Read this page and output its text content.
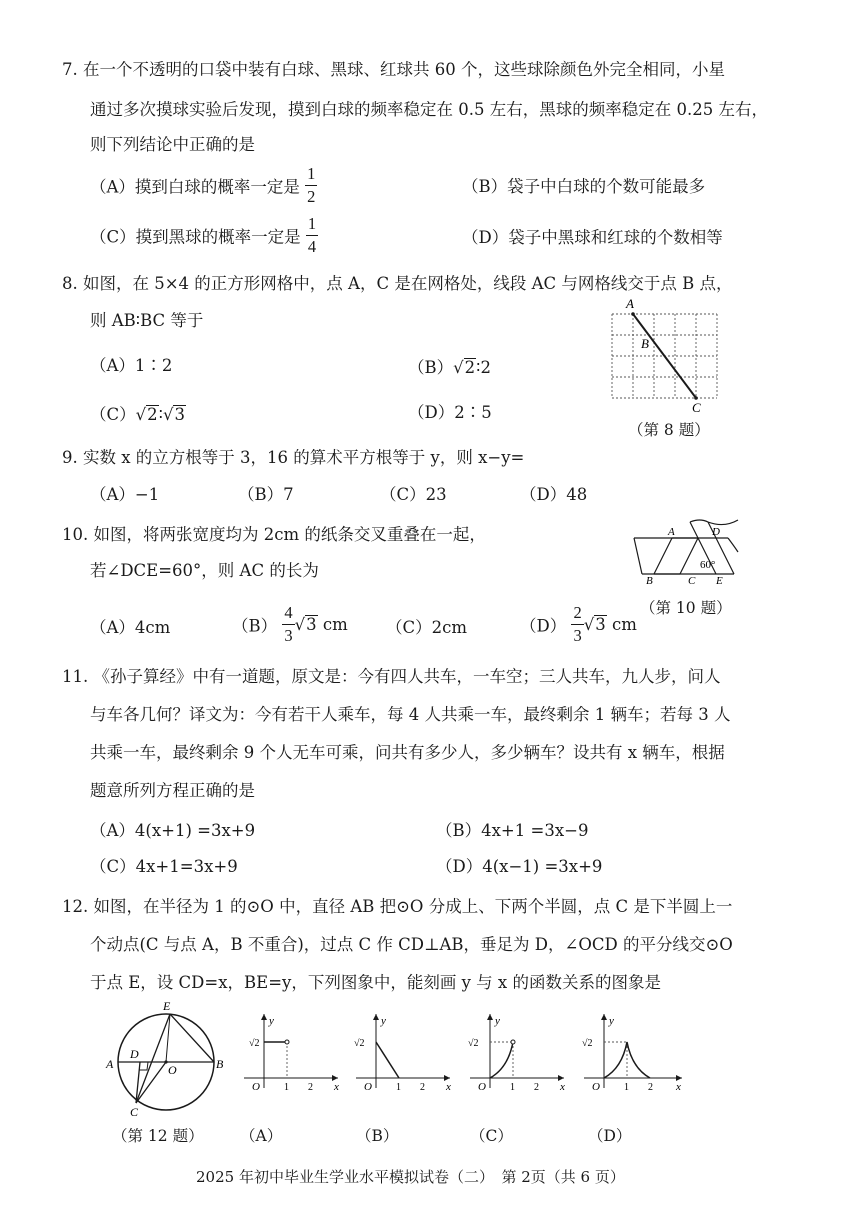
7. 在一个不透明的口袋中装有白球、黑球、红球共 60 个，这些球除颜色外完全相同，小星
通过多次摸球实验后发现，摸到白球的频率稳定在 0.5 左右，黑球的频率稳定在 0.25 左右，
则下列结论中正确的是
（A）摸到白球的概率一定是 $\frac{1}{2}$	（B）袋子中白球的个数可能最多
（C）摸到黑球的概率一定是 $\frac{1}{4}$	（D）袋子中黑球和红球的个数相等
8. 如图，在 5×4 的正方形网格中，点 A，C 是在网格处，线段 AC 与网格线交于点 B 点，
则 AB∶BC 等于
（A）1∶2	（B）√2∶2
（C）√2∶√3	（D）2∶5
A
B
C
（第 8 题）
9. 实数 x 的立方根等于 3，16 的算术平方根等于 y，则 x−y=
（A）−1	（B）7	（C）23	（D）48
10. 如图，将两张宽度均为 2cm 的纸条交叉重叠在一起，
若∠DCE=60°，则 AC 的长为
A	D
B	C E
60°
（第 10 题）
（A）4cm	$(B) \frac{4}{3} √3$ cm （C）2cm	$(D) \frac{2}{3} √3$ cm
11. 《孙子算经》中有一道题，原文是：今有四人共车，一车空；三人共车，九人步，问人
与车各几何？译文为：今有若干人乘车，每 4 人共乘一车，最终剩余 1 辆车；若每 3 人
共乘一车，最终剩余 9 个人无车可乘，问共有多少人，多少辆车？设共有 x 辆车，根据
题意所列方程正确的是
（A）4(x+1) =3x+9	（B）4x+1 =3x−9
（C）4x+1=3x+9	（D）4(x−1) =3x+9
12. 如图，在半径为 1 的⊙O 中，直径 AB 把⊙O 分成上、下两个半圆，点 C 是下半圆上一
个动点(C 与点 A，B 不重合)，过点 C 作 CD⊥AB，垂足为 D，∠OCD 的平分线交⊙O
于点 E，设 CD=x，BE=y，下列图象中，能刻画 y 与 x 的函数关系的图象是
E
D
A	O	B
C
（第 12 题）
y
x
O
√2
1 2
（A）
y
x
O
√2
1 2
（B）
y
x
O
√2
1 2
（C）
y
x
O
√2
1 2
（D）
2025 年初中毕业生学业水平模拟试卷（二）　第 2页（共 6 页）
